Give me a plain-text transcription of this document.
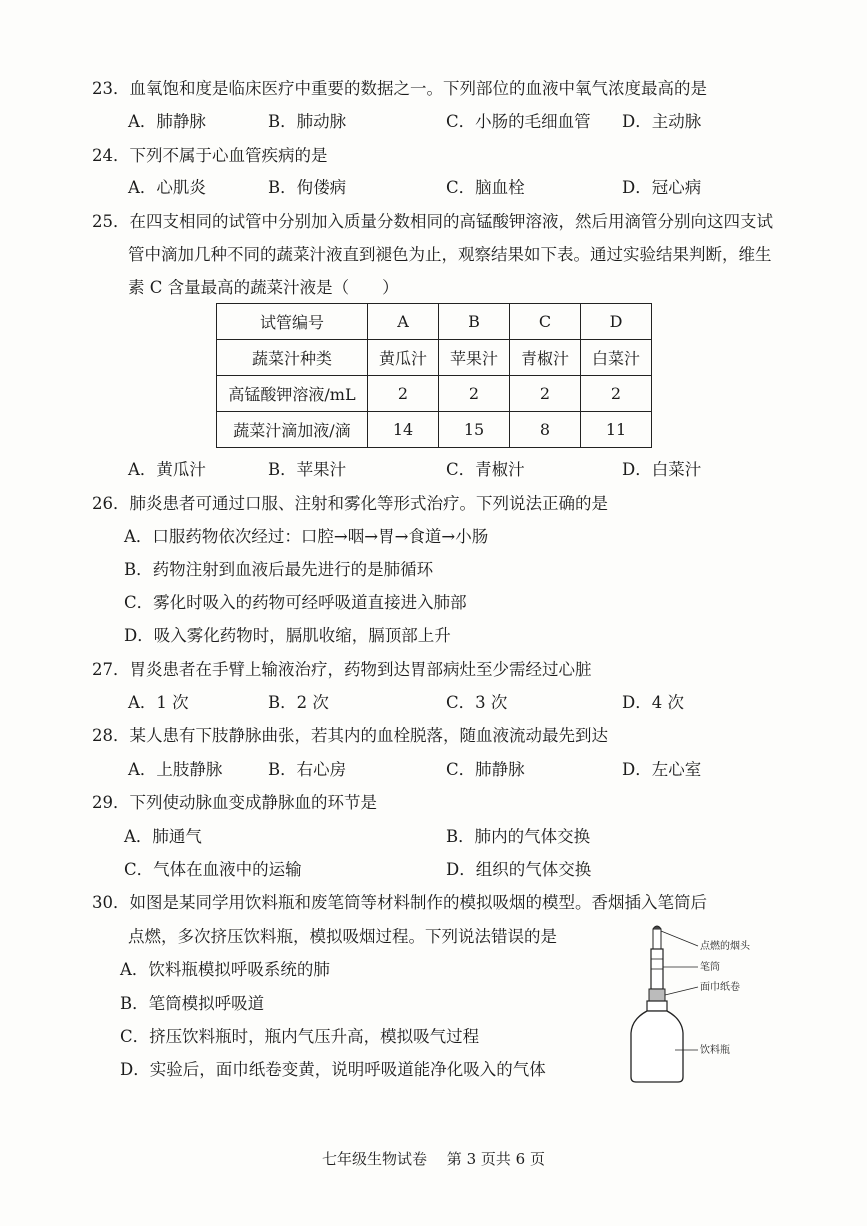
23．血氧饱和度是临床医疗中重要的数据之一。下列部位的血液中氧气浓度最高的是
A．肺静脉	B．肺动脉	C．小肠的毛细血管 D．主动脉
24．下列不属于心血管疾病的是
A．心肌炎	B．佝偻病	C．脑血栓	D．冠心病
25．在四支相同的试管中分别加入质量分数相同的高锰酸钾溶液，然后用滴管分别向这四支试
管中滴加几种不同的蔬菜汁液直到褪色为止，观察结果如下表。通过实验结果判断，维生
素 C 含量最高的蔬菜汁液是（　　）
试管编号	A	B	C	D
蔬菜汁种类	黄瓜汁	苹果汁	青椒汁	白菜汁
高锰酸钾溶液/mL	2	2	2	2
蔬菜汁滴加液/滴	14	15	8	11
A．黄瓜汁	B．苹果汁	C．青椒汁	D．白菜汁
26．肺炎患者可通过口服、注射和雾化等形式治疗。下列说法正确的是
A．口服药物依次经过：口腔→咽→胃→食道→小肠
B．药物注射到血液后最先进行的是肺循环
C．雾化时吸入的药物可经呼吸道直接进入肺部
D．吸入雾化药物时，膈肌收缩，膈顶部上升
27．胃炎患者在手臂上输液治疗，药物到达胃部病灶至少需经过心脏
A．1 次	B．2 次	C．3 次	D．4 次
28．某人患有下肢静脉曲张，若其内的血栓脱落，随血液流动最先到达
A．上肢静脉	B．右心房	C．肺静脉	D．左心室
29．下列使动脉血变成静脉血的环节是
A．肺通气	B．肺内的气体交换
C．气体在血液中的运输	D．组织的气体交换
30．如图是某同学用饮料瓶和废笔筒等材料制作的模拟吸烟的模型。香烟插入笔筒后
点燃，多次挤压饮料瓶，模拟吸烟过程。下列说法错误的是
A．饮料瓶模拟呼吸系统的肺
B．笔筒模拟呼吸道
C．挤压饮料瓶时，瓶内气压升高，模拟吸气过程
D．实验后，面巾纸卷变黄，说明呼吸道能净化吸入的气体
点燃的烟头
笔筒
面巾纸卷
饮料瓶
七年级生物试卷　 第 3 页共 6 页
